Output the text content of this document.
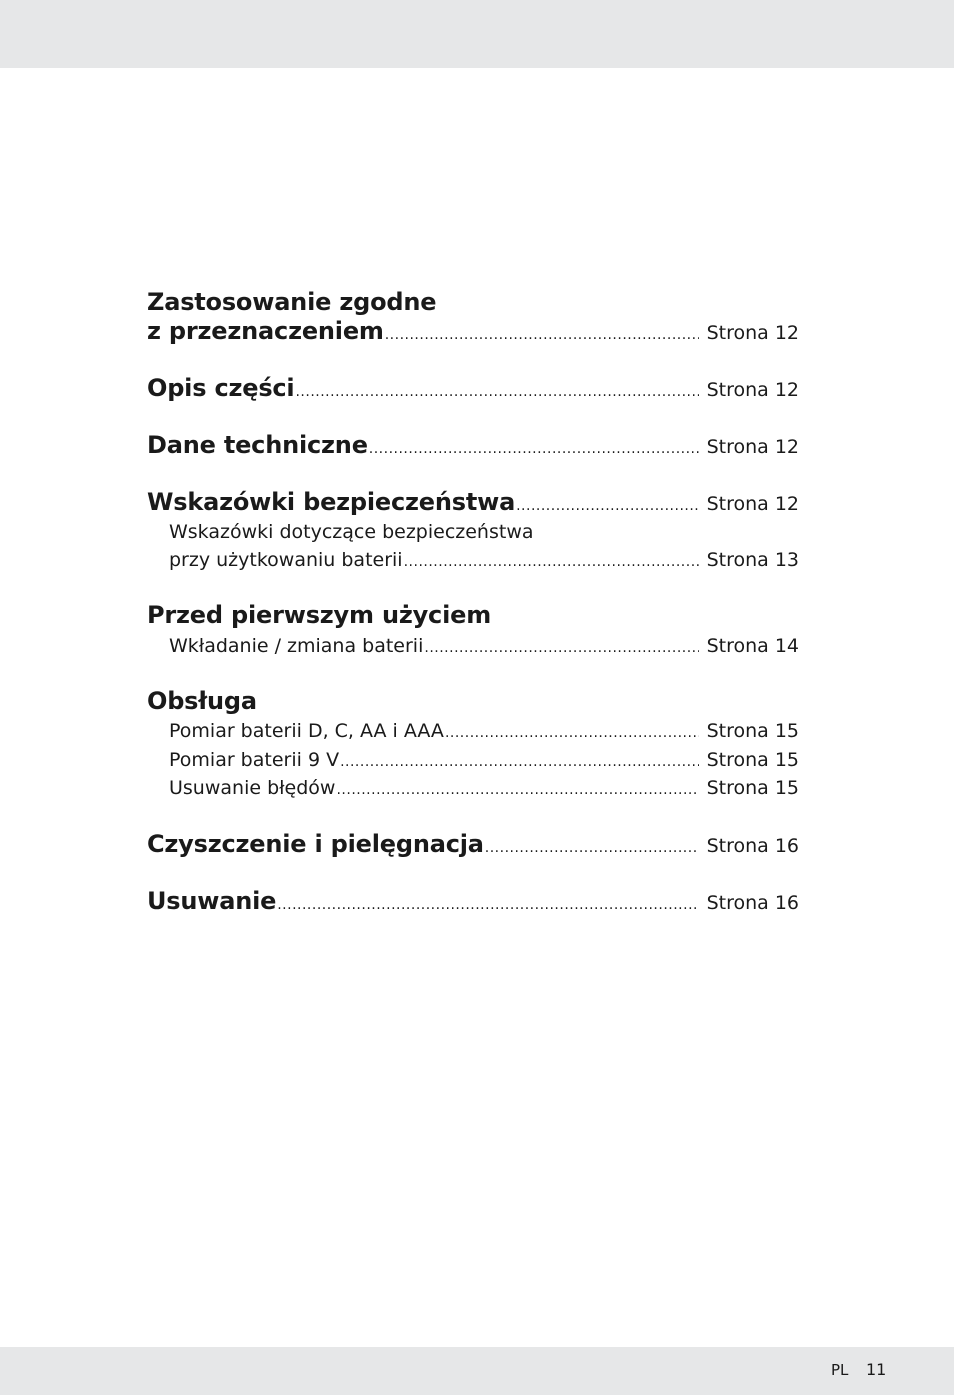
Zastosowanie zgodne
z przeznaczeniem .....	Strona 12
Opis części .....	Strona 12
Dane techniczne .....	Strona 12
Wskazówki bezpieczeństwa .....	Strona 12
Wskazówki dotyczące bezpieczeństwa
przy użytkowaniu baterii .....	Strona 13
Przed pierwszym użyciem
Wkładanie / zmiana baterii .....	Strona 14
Obsługa
Pomiar baterii D, C, AA i AAA .....	Strona 15
Pomiar baterii 9 V .....	Strona 15
Usuwanie błędów .....	Strona 15
Czyszczenie i pielęgnacja .....	Strona 16
Usuwanie .....	Strona 16
PL 11
